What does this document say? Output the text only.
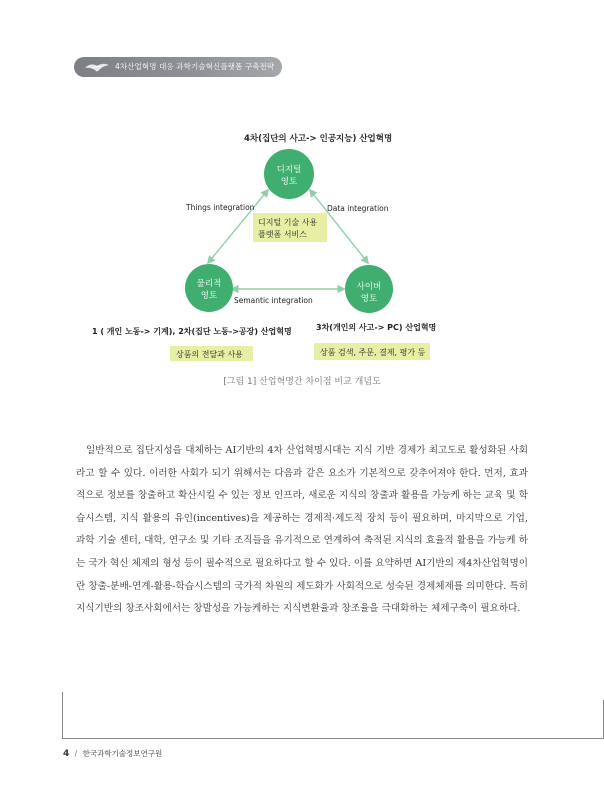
4차산업혁명 대응 과학기술혁신플랫폼 구축전략
4차(집단의 사고-> 인공지능) 산업혁명
Things integration	Data integration
Semantic integration
디지털 기술 사용
플랫폼 서비스
디지털
영토
물리적
영토
사이버
영토
1 ( 개인 노동-> 기계), 2차(집단 노동->공장) 산업혁명
상품의 전달과 사용
3차(개인의 사고-> PC) 산업혁명
상품 검색, 주문, 결제, 평가 등
[그림 1] 산업혁명간 차이점 비교 개념도
일반적으로 집단지성을 대체하는 AI기반의 4차 산업혁명시대는 지식 기반 경제가 최고도로 활성화된 사회라고 할 수 있다. 이러한 사회가 되기 위해서는 다음과 같은 요소가 기본적으로 갖추어져야 한다. 먼저, 효과적으로 정보를 창출하고 확산시킬 수 있는 정보 인프라, 새로운 지식의 창출과 활용을 가능케 하는 교육 및 학습시스템, 지식 활용의 유인(incentives)을 제공하는 경제적·제도적 장치 등이 필요하며, 마지막으로 기업, 과학 기술 센터, 대학, 연구소 및 기타 조직들을 유기적으로 연계하여 축적된 지식의 효율적 활용을 가능케 하는 국가 혁신 체제의 형성 등이 필수적으로 필요하다고 할 수 있다. 이를 요약하면 AI기반의 제4차산업혁명이란 창출-분배-연계-활용-학습시스템의 국가적 차원의 제도화가 사회적으로 성숙된 경제체제를 의미한다. 특히 지식기반의 창조사회에서는 창발성을 가능케하는 지식변환율과 창조율을 극대화하는 체제구축이 필요하다.
4 / 한국과학기술정보연구원
